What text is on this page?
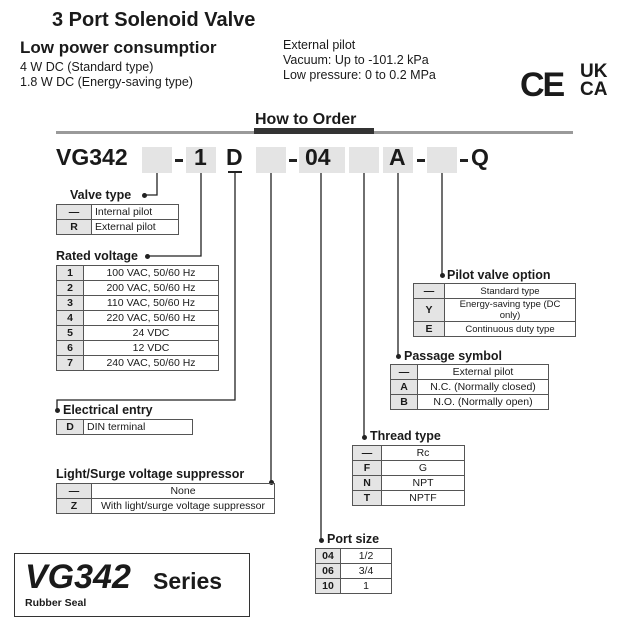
3 Port Solenoid Valve
Low power consumptior
4 W DC (Standard type)
1.8 W DC (Energy-saving type)
External pilot
Vacuum: Up to -101.2 kPa
Low pressure: 0 to 0.2 MPa CE UK
CA
How to Order
VG342	1 D	04	A	Q
Valve type
—	Internal pilot
R	External pilot
Rated voltage
1	100 VAC, 50/60 Hz
2	200 VAC, 50/60 Hz
3	110 VAC, 50/60 Hz
4	220 VAC, 50/60 Hz
5	24 VDC
6	12 VDC
7	240 VAC, 50/60 Hz
Electrical entry
D	DIN terminal
Light/Surge voltage suppressor
—	None
Z	With light/surge voltage suppressor
Port size
04	1/2
06	3/4
10	1
Thread type
—	Rc
F	G
N	NPT
T	NPTF
Passage symbol
—	External pilot
A	N.C. (Normally closed)
B	N.O. (Normally open)
Pilot valve option
—	Standard type
Y	Energy-saving type (DC only)
E	Continuous duty type
VG342 Series
Rubber Seal
